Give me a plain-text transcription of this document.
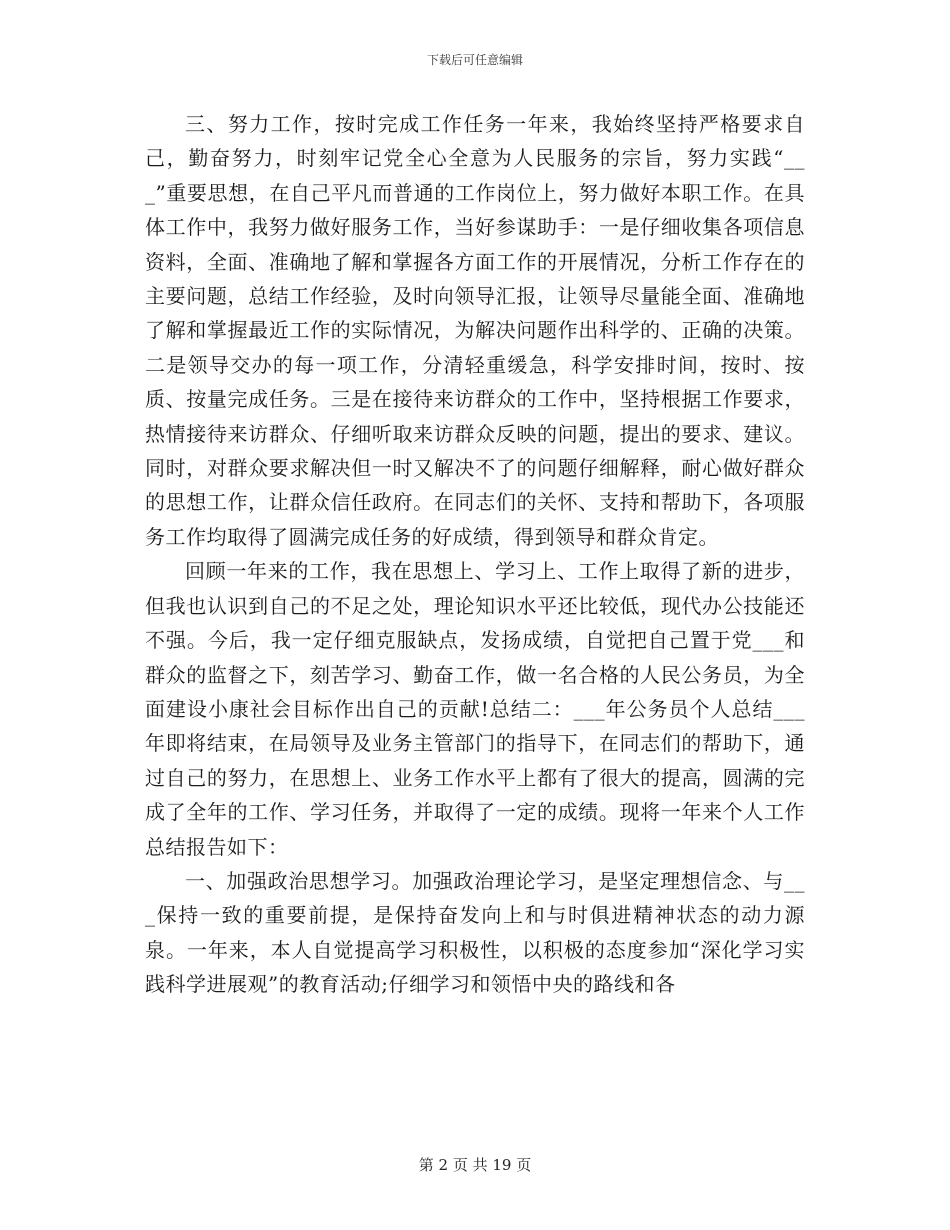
下载后可任意编辑

三、努力工作，按时完成工作任务一年来，我始终坚持严格要求自己，勤奋努力，时刻牢记党全心全意为人民服务的宗旨，努力实践“___”重要思想，在自己平凡而普通的工作岗位上，努力做好本职工作。在具体工作中，我努力做好服务工作，当好参谋助手：一是仔细收集各项信息资料，全面、准确地了解和掌握各方面工作的开展情况，分析工作存在的主要问题，总结工作经验，及时向领导汇报，让领导尽量能全面、准确地了解和掌握最近工作的实际情况，为解决问题作出科学的、正确的决策。二是领导交办的每一项工作，分清轻重缓急，科学安排时间，按时、按质、按量完成任务。三是在接待来访群众的工作中，坚持根据工作要求，热情接待来访群众、仔细听取来访群众反映的问题，提出的要求、建议。同时，对群众要求解决但一时又解决不了的问题仔细解释，耐心做好群众的思想工作，让群众信任政府。在同志们的关怀、支持和帮助下，各项服务工作均取得了圆满完成任务的好成绩，得到领导和群众肯定。

回顾一年来的工作，我在思想上、学习上、工作上取得了新的进步，但我也认识到自己的不足之处，理论知识水平还比较低，现代办公技能还不强。今后，我一定仔细克服缺点，发扬成绩，自觉把自己置于党___和群众的监督之下，刻苦学习、勤奋工作，做一名合格的人民公务员，为全面建设小康社会目标作出自己的贡献!总结二：___年公务员个人总结___年即将结束，在局领导及业务主管部门的指导下，在同志们的帮助下，通过自己的努力，在思想上、业务工作水平上都有了很大的提高，圆满的完成了全年的工作、学习任务，并取得了一定的成绩。现将一年来个人工作总结报告如下：

一、加强政治思想学习。加强政治理论学习，是坚定理想信念、与___保持一致的重要前提，是保持奋发向上和与时俱进精神状态的动力源泉。一年来，本人自觉提高学习积极性，以积极的态度参加“深化学习实践科学进展观”的教育活动;仔细学习和领悟中央的路线和各

第 2 页 共 19 页
